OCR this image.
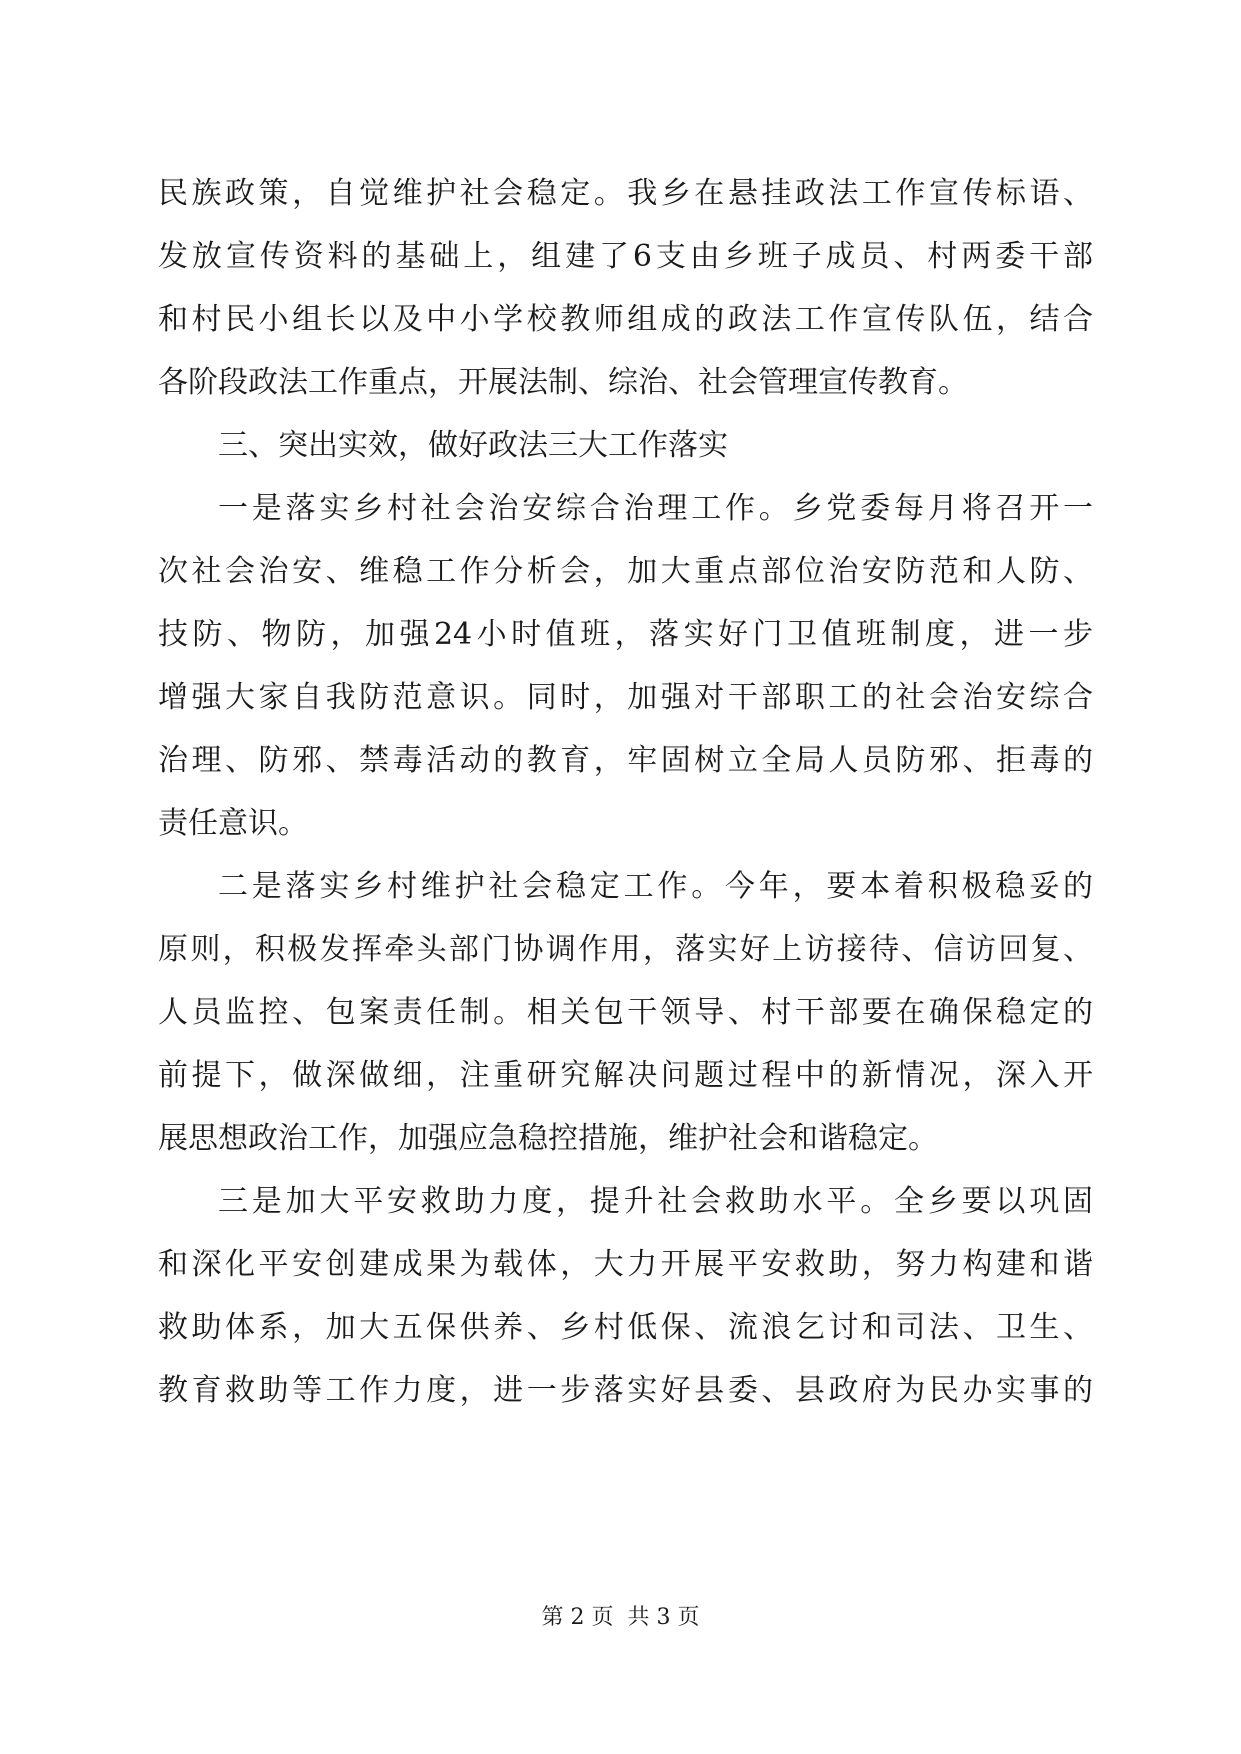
民族政策，自觉维护社会稳定。我乡在悬挂政法工作宣传标语、
发放宣传资料的基础上，组建了6支由乡班子成员、村两委干部
和村民小组长以及中小学校教师组成的政法工作宣传队伍，结合
各阶段政法工作重点，开展法制、综治、社会管理宣传教育。
三、突出实效，做好政法三大工作落实
一是落实乡村社会治安综合治理工作。乡党委每月将召开一
次社会治安、维稳工作分析会，加大重点部位治安防范和人防、
技防、物防，加强24小时值班，落实好门卫值班制度，进一步
增强大家自我防范意识。同时，加强对干部职工的社会治安综合
治理、防邪、禁毒活动的教育，牢固树立全局人员防邪、拒毒的
责任意识。
二是落实乡村维护社会稳定工作。今年，要本着积极稳妥的
原则，积极发挥牵头部门协调作用，落实好上访接待、信访回复、
人员监控、包案责任制。相关包干领导、村干部要在确保稳定的
前提下，做深做细，注重研究解决问题过程中的新情况，深入开
展思想政治工作，加强应急稳控措施，维护社会和谐稳定。
三是加大平安救助力度，提升社会救助水平。全乡要以巩固
和深化平安创建成果为载体，大力开展平安救助，努力构建和谐
救助体系，加大五保供养、乡村低保、流浪乞讨和司法、卫生、
教育救助等工作力度，进一步落实好县委、县政府为民办实事的
第 2 页  共 3 页
